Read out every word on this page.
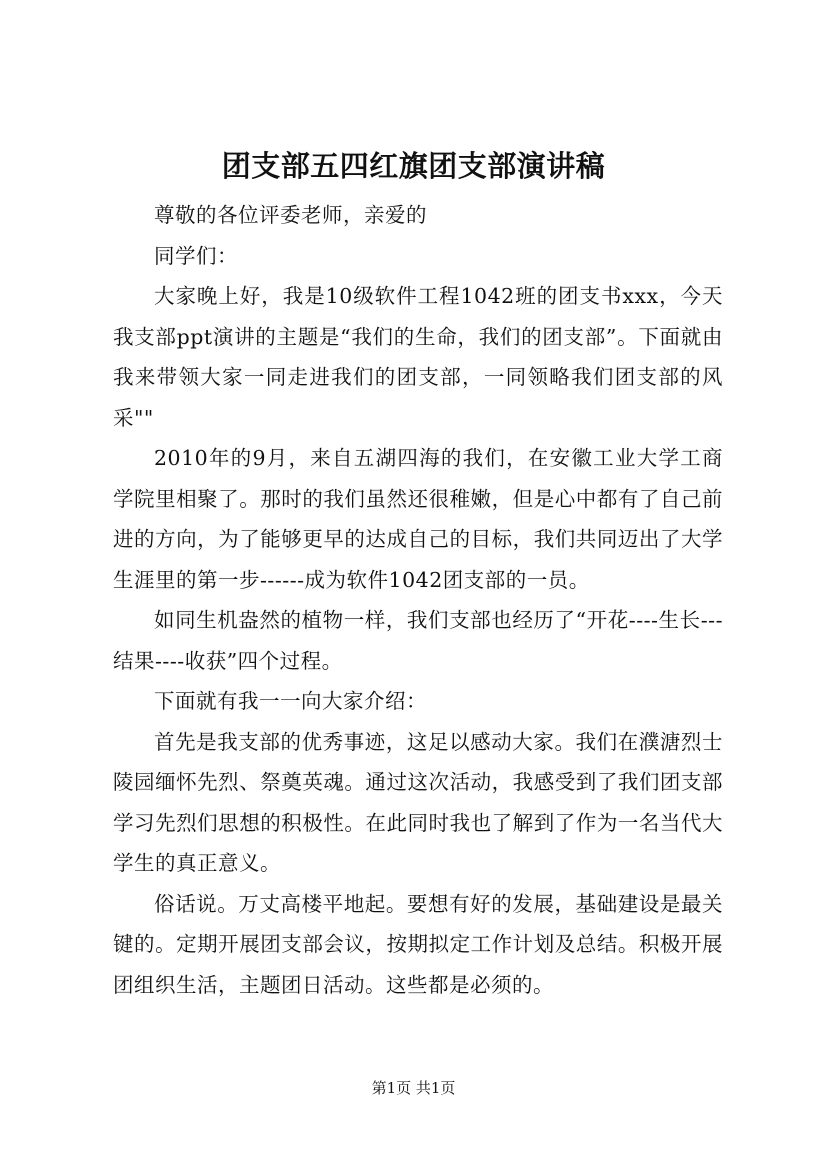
团支部五四红旗团支部演讲稿

尊敬的各位评委老师，亲爱的

同学们：

大家晚上好，我是10级软件工程1042班的团支书xxx，今天我支部ppt演讲的主题是“我们的生命，我们的团支部”。下面就由我来带领大家一同走进我们的团支部，一同领略我们团支部的风采""

2010年的9月，来自五湖四海的我们，在安徽工业大学工商学院里相聚了。那时的我们虽然还很稚嫩，但是心中都有了自己前进的方向，为了能够更早的达成自己的目标，我们共同迈出了大学生涯里的第一步------成为软件1042团支部的一员。

如同生机盎然的植物一样，我们支部也经历了“开花----生长---结果----收获”四个过程。

下面就有我一一向大家介绍：

首先是我支部的优秀事迹，这足以感动大家。我们在濮溏烈士陵园缅怀先烈、祭奠英魂。通过这次活动，我感受到了我们团支部学习先烈们思想的积极性。在此同时我也了解到了作为一名当代大学生的真正意义。

俗话说。万丈高楼平地起。要想有好的发展，基础建设是最关键的。定期开展团支部会议，按期拟定工作计划及总结。积极开展团组织生活，主题团日活动。这些都是必须的。

第1页 共1页
